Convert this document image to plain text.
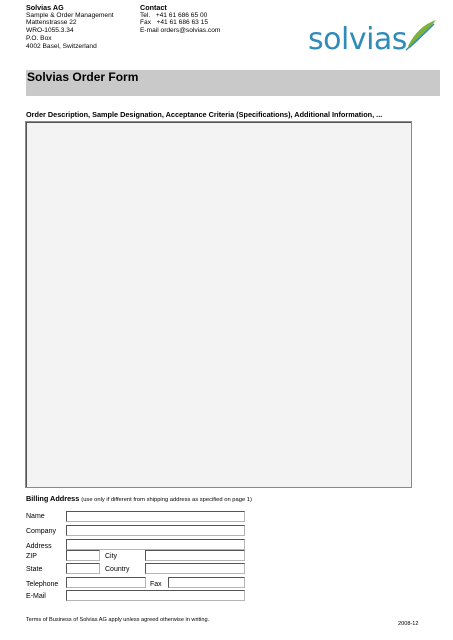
Solvias AG
Sample & Order Management
Mattenstrasse 22
WRO-1055.3.34
P.O. Box
4002 Basel, Switzerland
Contact
Tel. +41 61 686 65 00
Fax +41 61 686 63 15
E-mail orders@solvias.com	solvias
Solvias Order Form
Order Description, Sample Designation, Acceptance Criteria (Specifications), Additional Information, ...
Billing Address (use only if different from shipping address as specified on page 1)
Name
Company
Address
ZIP
State
Telephone
E-Mail
City
Country
Fax
Terms of Business of Solvias AG apply unless agreed otherwise in writing.
2008-12
